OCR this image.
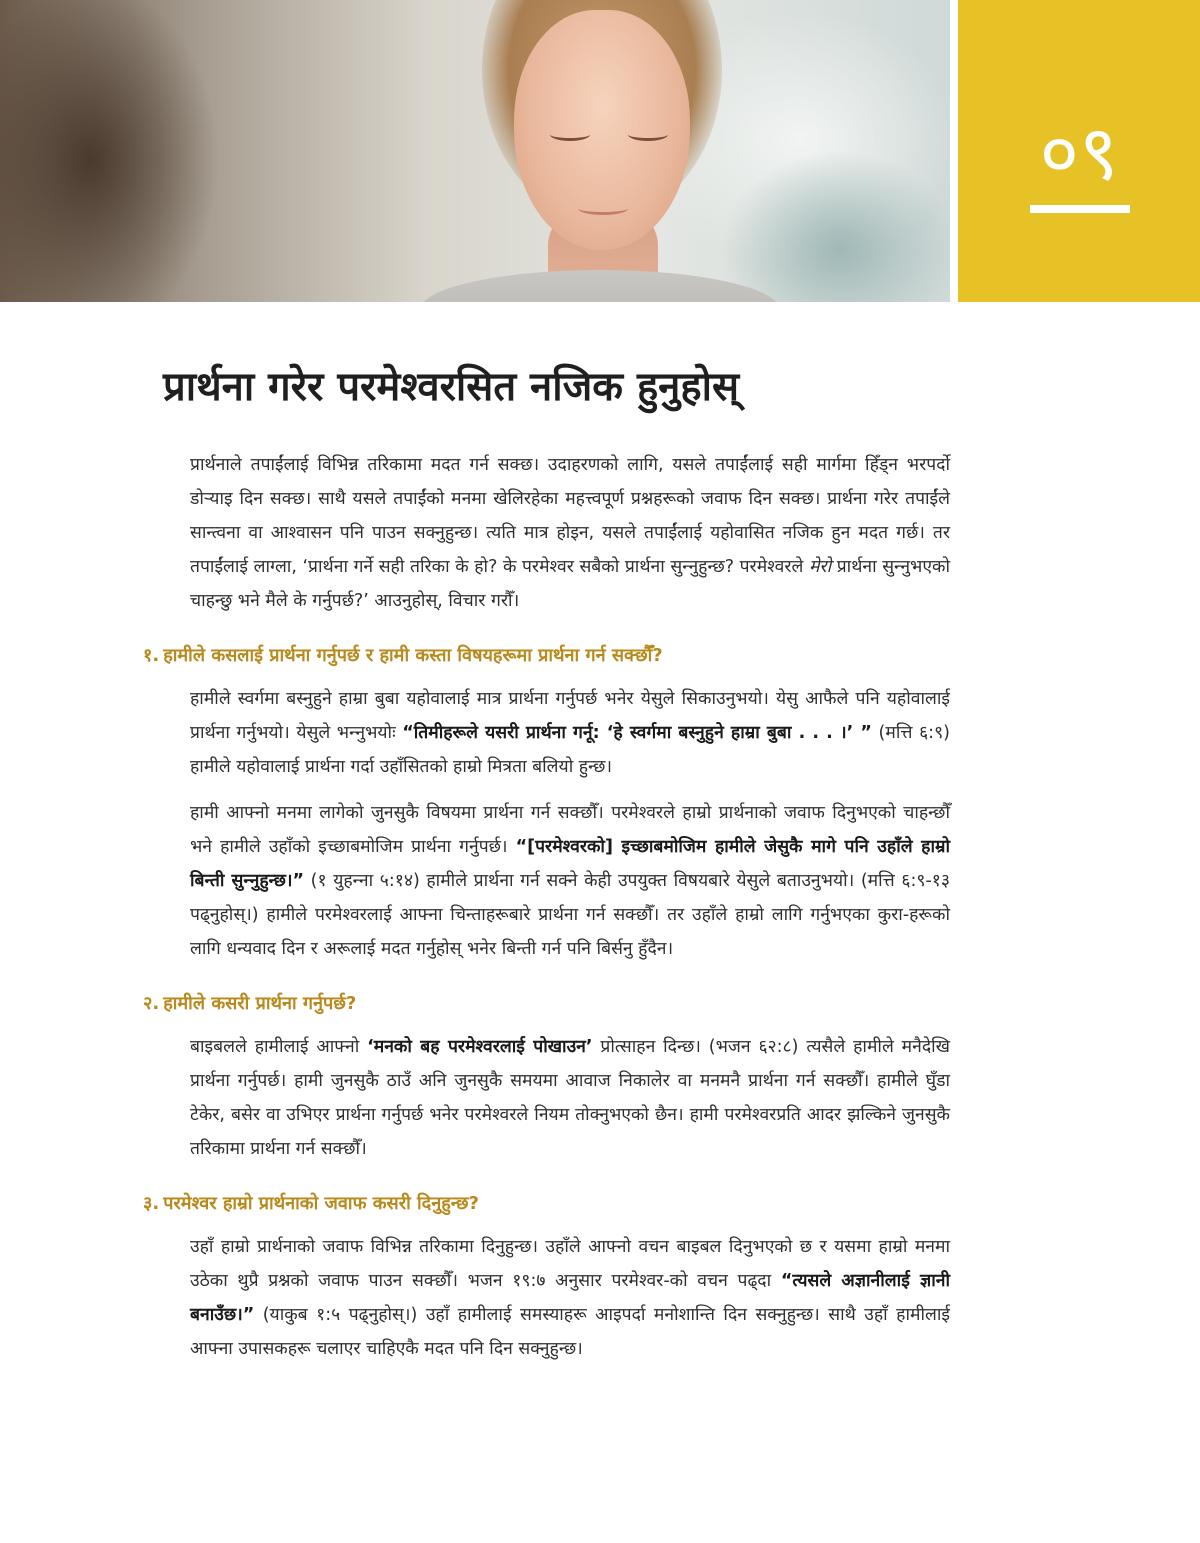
०९
प्रार्थना गरेर परमेश्वरसित नजिक हुनुहोस्

प्रार्थनाले तपाईंलाई विभिन्न तरिकामा मदत गर्न सक्छ। उदाहरणको लागि, यसले तपाईंलाई सही मार्गमा हिँड्‌न भरपर्दो डोऱ्याइ दिन सक्छ। साथै यसले तपाईंको मनमा खेलिरहेका महत्त्वपूर्ण प्रश्नहरूको जवाफ दिन सक्छ। प्रार्थना गरेर तपाईंले सान्त्वना वा आश्वासन पनि पाउन सक्नुहुन्छ। त्यति मात्र होइन, यसले तपाईंलाई यहोवासित नजिक हुन मदत गर्छ। तर तपाईंलाई लाग्ला, ‘प्रार्थना गर्ने सही तरिका के हो? के परमेश्वर सबैको प्रार्थना सुन्‍नुहुन्छ? परमेश्वरले मेरो प्रार्थना सुन्‍नुभएको चाहन्छु भने मैले के गर्नुपर्छ?’ आउनुहोस्, विचार गरौँ।

१. हामीले कसलाई प्रार्थना गर्नुपर्छ र हामी कस्ता विषयहरूमा प्रार्थना गर्न सक्छौँ?

हामीले स्वर्गमा बस्नुहुने हाम्रा बुबा यहोवालाई मात्र प्रार्थना गर्नुपर्छ भनेर येसुले सिकाउनुभयो। येसु आफैले पनि यहोवालाई प्रार्थना गर्नुभयो। येसुले भन्‍नुभयोः “तिमीहरूले यसरी प्रार्थना गर्नू: ‘हे स्वर्गमा बस्नुहुने हाम्रा बुबा . . . ।’ ” (मत्ति ६:९) हामीले यहोवालाई प्रार्थना गर्दा उहाँसितको हाम्रो मित्रता बलियो हुन्छ।

हामी आफ्नो मनमा लागेको जुनसुकै विषयमा प्रार्थना गर्न सक्छौँ। परमेश्वरले हाम्रो प्रार्थनाको जवाफ दिनुभएको चाहन्छौँ भने हामीले उहाँको इच्छाबमोजिम प्रार्थना गर्नुपर्छ। “[परमेश्वरको] इच्छाबमोजिम हामीले जेसुकै मागे पनि उहाँले हाम्रो बिन्ती सुन्‍नुहुन्छ।” (१ युहन्‍ना ५:१४) हामीले प्रार्थना गर्न सक्ने केही उपयुक्त विषयबारे येसुले बताउनुभयो। (मत्ति ६:९-१३ पढ्‌नुहोस्‌।) हामीले परमेश्वरलाई आफ्ना चिन्ताहरूबारे प्रार्थना गर्न सक्छौँ। तर उहाँले हाम्रो लागि गर्नुभएका कुरा-हरूको लागि धन्यवाद दिन र अरूलाई मदत गर्नुहोस् भनेर बिन्ती गर्न पनि बिर्सनु हुँदैन।

२. हामीले कसरी प्रार्थना गर्नुपर्छ?

बाइबलले हामीलाई आफ्नो ‘मनको बह परमेश्वरलाई पोखाउन’ प्रोत्साहन दिन्छ। (भजन ६२:८) त्यसैले हामीले मनैदेखि प्रार्थना गर्नुपर्छ। हामी जुनसुकै ठाउँ अनि जुनसुकै समयमा आवाज निकालेर वा मनमनै प्रार्थना गर्न सक्छौँ। हामीले घुँडा टेकेर, बसेर वा उभिएर प्रार्थना गर्नुपर्छ भनेर परमेश्वरले नियम तोक्‍नुभएको छैन। हामी परमेश्वरप्रति आदर झल्किने जुनसुकै तरिकामा प्रार्थना गर्न सक्छौँ।

३. परमेश्वर हाम्रो प्रार्थनाको जवाफ कसरी दिनुहुन्छ?

उहाँ हाम्रो प्रार्थनाको जवाफ विभिन्न तरिकामा दिनुहुन्छ। उहाँले आफ्नो वचन बाइबल दिनुभएको छ र यसमा हाम्रो मनमा उठेका थुप्रै प्रश्नको जवाफ पाउन सक्छौँ। भजन १९:७ अनुसार परमेश्वर-को वचन पढ्‌दा “त्यसले अज्ञानीलाई ज्ञानी बनाउँछ।” (याकुब १:५ पढ्‌नुहोस्‌।) उहाँ हामीलाई समस्याहरू आइपर्दा मनोशान्ति दिन सक्नुहुन्छ। साथै उहाँ हामीलाई आफ्ना उपासकहरू चलाएर चाहिएकै मदत पनि दिन सक्नुहुन्छ।
